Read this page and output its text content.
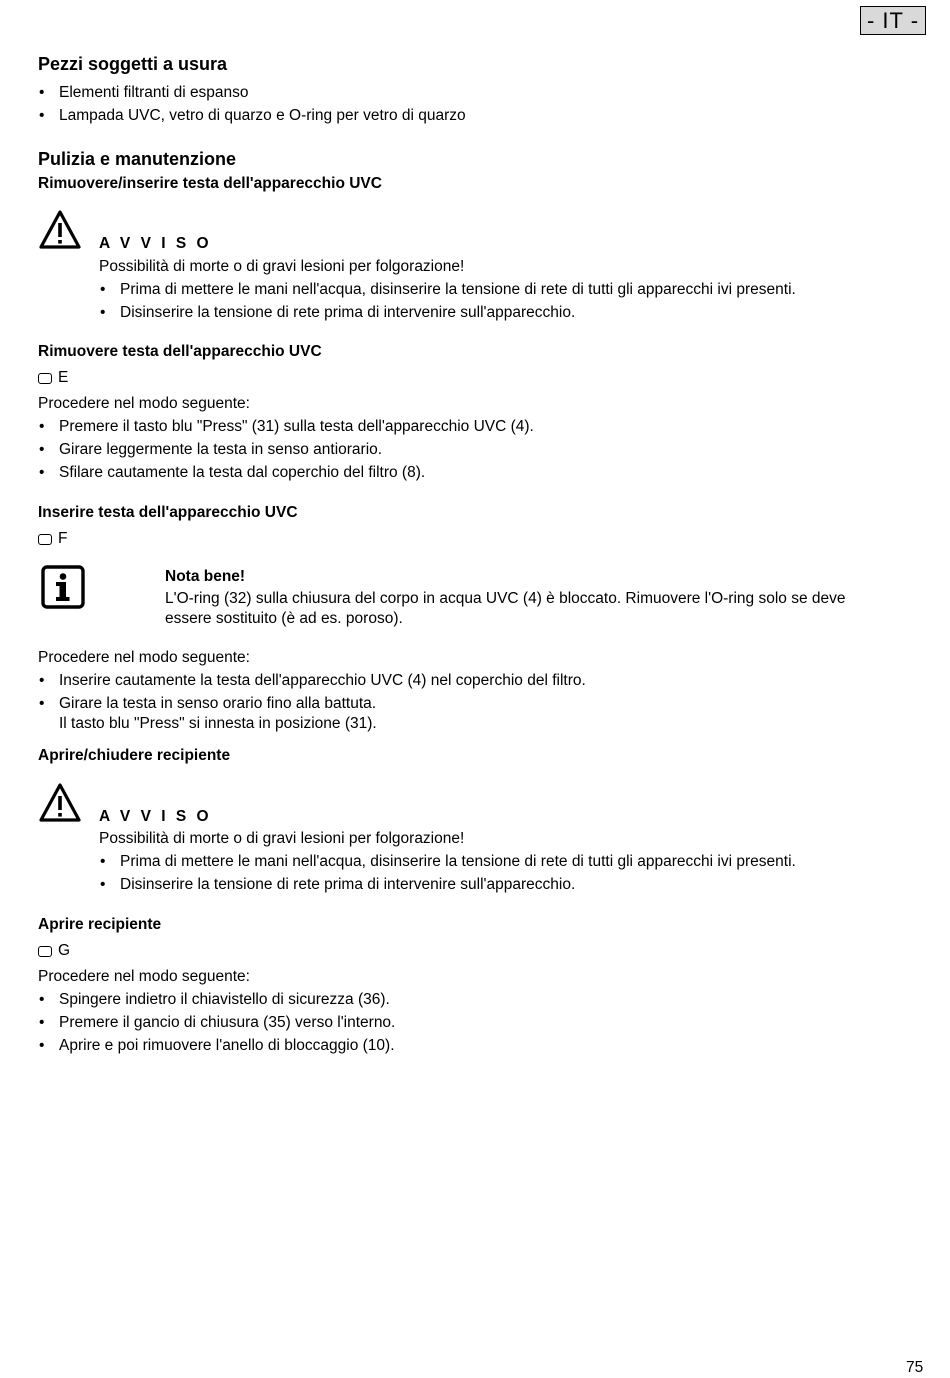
- IT -
Pezzi soggetti a usura
• Elementi filtranti di espanso
• Lampada UVC, vetro di quarzo e O-ring per vetro di quarzo
Pulizia e manutenzione
Rimuovere/inserire testa dell'apparecchio UVC
A V V I S O
Possibilità di morte o di gravi lesioni per folgorazione!
• Prima di mettere le mani nell'acqua, disinserire la tensione di rete di tutti gli apparecchi ivi presenti.
• Disinserire la tensione di rete prima di intervenire sull'apparecchio.
Rimuovere testa dell'apparecchio UVC
E
Procedere nel modo seguente:
• Premere il tasto blu "Press" (31) sulla testa dell'apparecchio UVC (4).
• Girare leggermente la testa in senso antiorario.
• Sfilare cautamente la testa dal coperchio del filtro (8).
Inserire testa dell'apparecchio UVC
F
Nota bene!
L'O-ring (32) sulla chiusura del corpo in acqua UVC (4) è bloccato. Rimuovere l'O-ring solo se deve
essere sostituito (è ad es. poroso).
Procedere nel modo seguente:
• Inserire cautamente la testa dell'apparecchio UVC (4) nel coperchio del filtro.
• Girare la testa in senso orario fino alla battuta.
Il tasto blu "Press" si innesta in posizione (31).
Aprire/chiudere recipiente
A V V I S O
Possibilità di morte o di gravi lesioni per folgorazione!
• Prima di mettere le mani nell'acqua, disinserire la tensione di rete di tutti gli apparecchi ivi presenti.
• Disinserire la tensione di rete prima di intervenire sull'apparecchio.
Aprire recipiente
G
Procedere nel modo seguente:
• Spingere indietro il chiavistello di sicurezza (36).
• Premere il gancio di chiusura (35) verso l'interno.
• Aprire e poi rimuovere l'anello di bloccaggio (10).
75
